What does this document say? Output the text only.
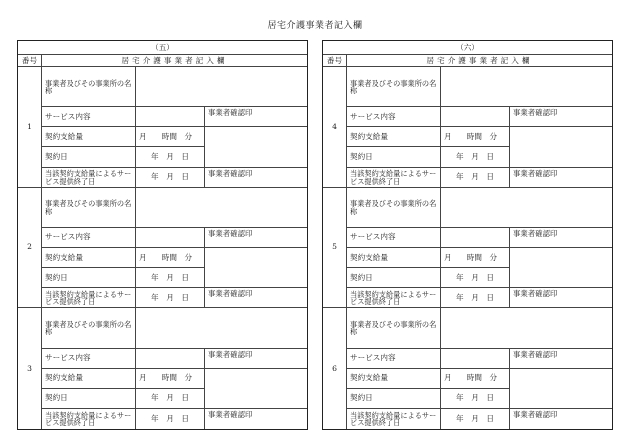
居宅介護事業者記入欄
（五）
番号	居宅介護事業者記入欄
1
事業者及びその事業所の名称
サービス内容	事業者確認印
契約支給量	月　　時間　分
契約日	年　月　日
当該契約支給量によるサービス提供終了日	年　月　日	事業者確認印
2
事業者及びその事業所の名称
サービス内容	事業者確認印
契約支給量	月　　時間　分
契約日	年　月　日
当該契約支給量によるサービス提供終了日	年　月　日	事業者確認印
3
事業者及びその事業所の名称
サービス内容	事業者確認印
契約支給量	月　　時間　分
契約日	年　月　日
当該契約支給量によるサービス提供終了日	年　月　日	事業者確認印
（六）
番号	居宅介護事業者記入欄
4
事業者及びその事業所の名称
サービス内容	事業者確認印
契約支給量	月　　時間　分
契約日	年　月　日
当該契約支給量によるサービス提供終了日	年　月　日	事業者確認印
5
事業者及びその事業所の名称
サービス内容	事業者確認印
契約支給量	月　　時間　分
契約日	年　月　日
当該契約支給量によるサービス提供終了日	年　月　日	事業者確認印
6
事業者及びその事業所の名称
サービス内容	事業者確認印
契約支給量	月　　時間　分
契約日	年　月　日
当該契約支給量によるサービス提供終了日	年　月　日	事業者確認印
